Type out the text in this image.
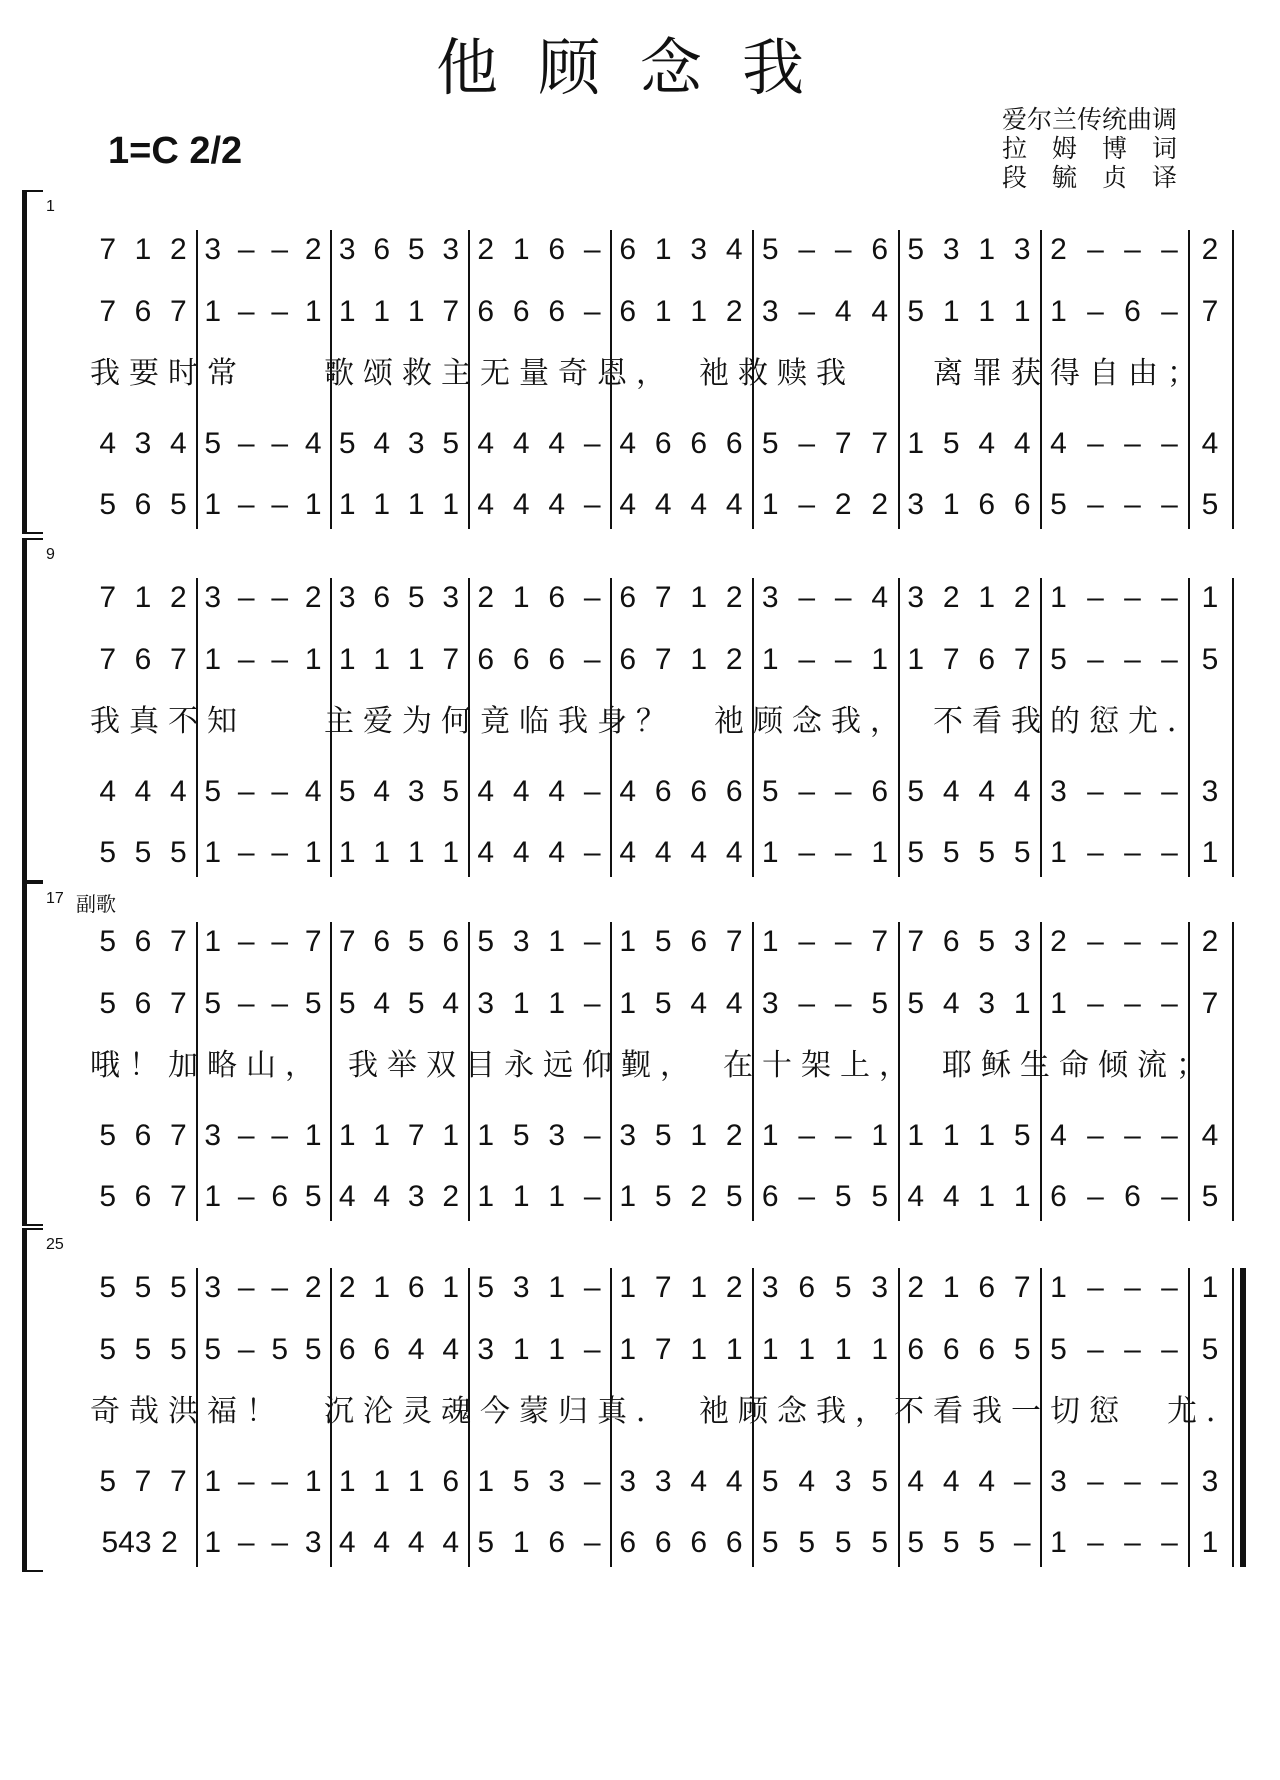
他顾念我
1=C 2/2
爱尔兰传统曲调
拉　姆　博　词
段　毓　贞　译
1
7 1 2 3 – – 2 3 6 5 3 2 1 6 – 6 1 3 4 5 – – 6 5 3 1 3 2 – – – 2
7 6 7 1 – – 1 1 1 1 7 6 6 6 – 6 1 1 2 3 – 4 4 5 1 1 1 1 – 6 – 7
4 3 4 5 – – 4 5 4 3 5 4 4 4 – 4 6 6 6 5 – 7 7 1 5 4 4 4 – – – 4
5 6 5 1 – – 1 1 1 1 1 4 4 4 – 4 4 4 4 1 – 2 2 3 1 6 6 5 – – – 5
我要时常　　歌颂救主无量奇恩，　祂救赎我　　离罪获得自由；
9
7 1 2 3 – – 2 3 6 5 3 2 1 6 – 6 7 1 2 3 – – 4 3 2 1 2 1 – – – 1
7 6 7 1 – – 1 1 1 1 7 6 6 6 – 6 7 1 2 1 – – 1 1 7 6 7 5 – – – 5
4 4 4 5 – – 4 5 4 3 5 4 4 4 – 4 6 6 6 5 – – 6 5 4 4 4 3 – – – 3
5 5 5 1 – – 1 1 1 1 1 4 4 4 – 4 4 4 4 1 – – 1 5 5 5 5 1 – – – 1
我真不知　　主爱为何竟临我身？　祂顾念我，　不看我的愆尤．
17 副歌
5 6 7 1 – – 7 7 6 5 6 5 3 1 – 1 5 6 7 1 – – 7 7 6 5 3 2 – – – 2
5 6 7 5 – – 5 5 4 5 4 3 1 1 – 1 5 4 4 3 – – 5 5 4 3 1 1 – – – 7
5 6 7 3 – – 1 1 1 7 1 1 5 3 – 3 5 1 2 1 – – 1 1 1 1 5 4 – – – 4
5 6 7 1 – 6 5 4 4 3 2 1 1 1 – 1 5 2 5 6 – 5 5 4 4 1 1 6 – 6 – 5
哦！加略山，　我举双目永远仰觐，　在十架上，　耶稣生命倾流；
25
5 5 5 3 – – 2 2 1 6 1 5 3 1 – 1 7 1 2 3 6 5 3 2 1 6 7 1 – – – 1
5 5 5 5 – 5 5 6 6 4 4 3 1 1 – 1 7 1 1 1 1 1 1 6 6 6 5 5 – – – 5
5 7 7 1 – – 1 1 1 1 6 1 5 3 – 3 3 4 4 5 4 3 5 4 4 4 – 3 – – – 3
543 2 1 – – 3 4 4 4 4 5 1 6 – 6 6 6 6 5 5 5 5 5 5 5 – 1 – – – 1
奇哉洪福！　沉沦灵魂今蒙归真．　祂顾念我，不看我一切愆　尤．
